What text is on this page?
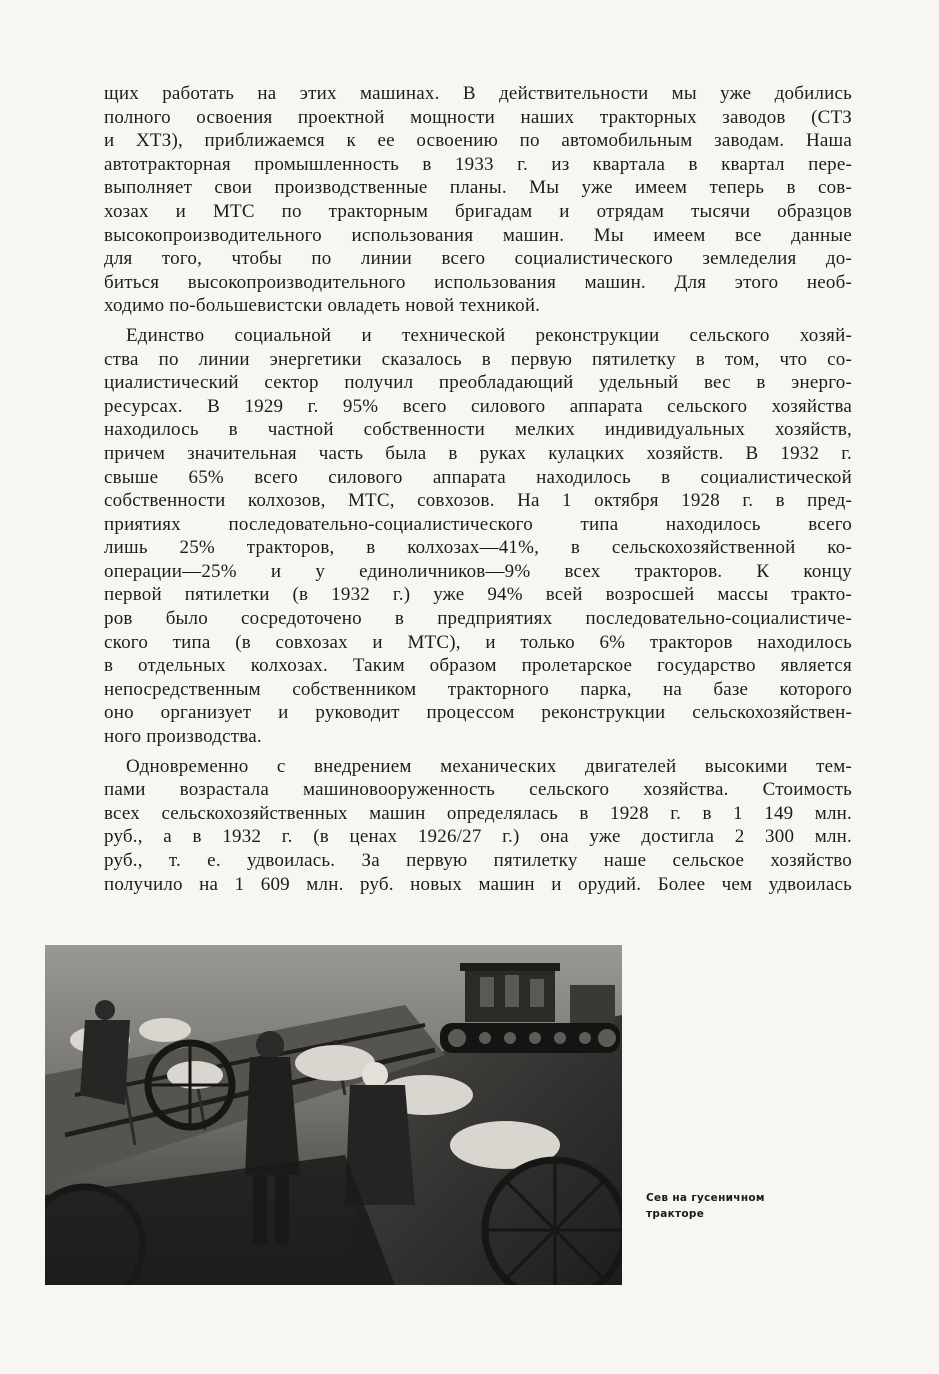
щих работать на этих машинах. В действительности мы уже добились
полного освоения проектной мощности наших тракторных заводов (СТЗ
и ХТЗ), приближаемся к ее освоению по автомобильным заводам. Наша
автотракторная промышленность в 1933 г. из квартала в квартал пере-
выполняет свои производственные планы. Мы уже имеем теперь в сов-
хозах и МТС по тракторным бригадам и отрядам тысячи образцов
высокопроизводительного использования машин. Мы имеем все данные
для того, чтобы по линии всего социалистического земледелия до-
биться высокопроизводительного использования машин. Для этого необ-
ходимо по-большевистски овладеть новой техникой.

Единство социальной и технической реконструкции сельского хозяй-
ства по линии энергетики сказалось в первую пятилетку в том, что со-
циалистический сектор получил преобладающий удельный вес в энерго-
ресурсах. В 1929 г. 95% всего силового аппарата сельского хозяйства
находилось в частной собственности мелких индивидуальных хозяйств,
причем значительная часть была в руках кулацких хозяйств. В 1932 г.
свыше 65% всего силового аппарата находилось в социалистической
собственности колхозов, МТС, совхозов. На 1 октября 1928 г. в пред-
приятиях последовательно-социалистического типа находилось всего
лишь 25% тракторов, в колхозах—41%, в сельскохозяйственной ко-
операции—25% и у единоличников—9% всех тракторов. К концу
первой пятилетки (в 1932 г.) уже 94% всей возросшей массы тракто-
ров было сосредоточено в предприятиях последовательно-социалистиче-
ского типа (в совхозах и МТС), и только 6% тракторов находилось
в отдельных колхозах. Таким образом пролетарское государство является
непосредственным собственником тракторного парка, на базе которого
оно организует и руководит процессом реконструкции сельскохозяйствен-
ного производства.

Одновременно с внедрением механических двигателей высокими тем-
пами возрастала машиновооруженность сельского хозяйства. Стоимость
всех сельскохозяйственных машин определялась в 1928 г. в 1 149 млн.
руб., а в 1932 г. (в ценах 1926/27 г.) она уже достигла 2 300 млн.
руб., т. е. удвоилась. За первую пятилетку наше сельское хозяйство
получило на 1 609 млн. руб. новых машин и орудий. Более чем удвоилась

Сев на гусеничном
тракторе
